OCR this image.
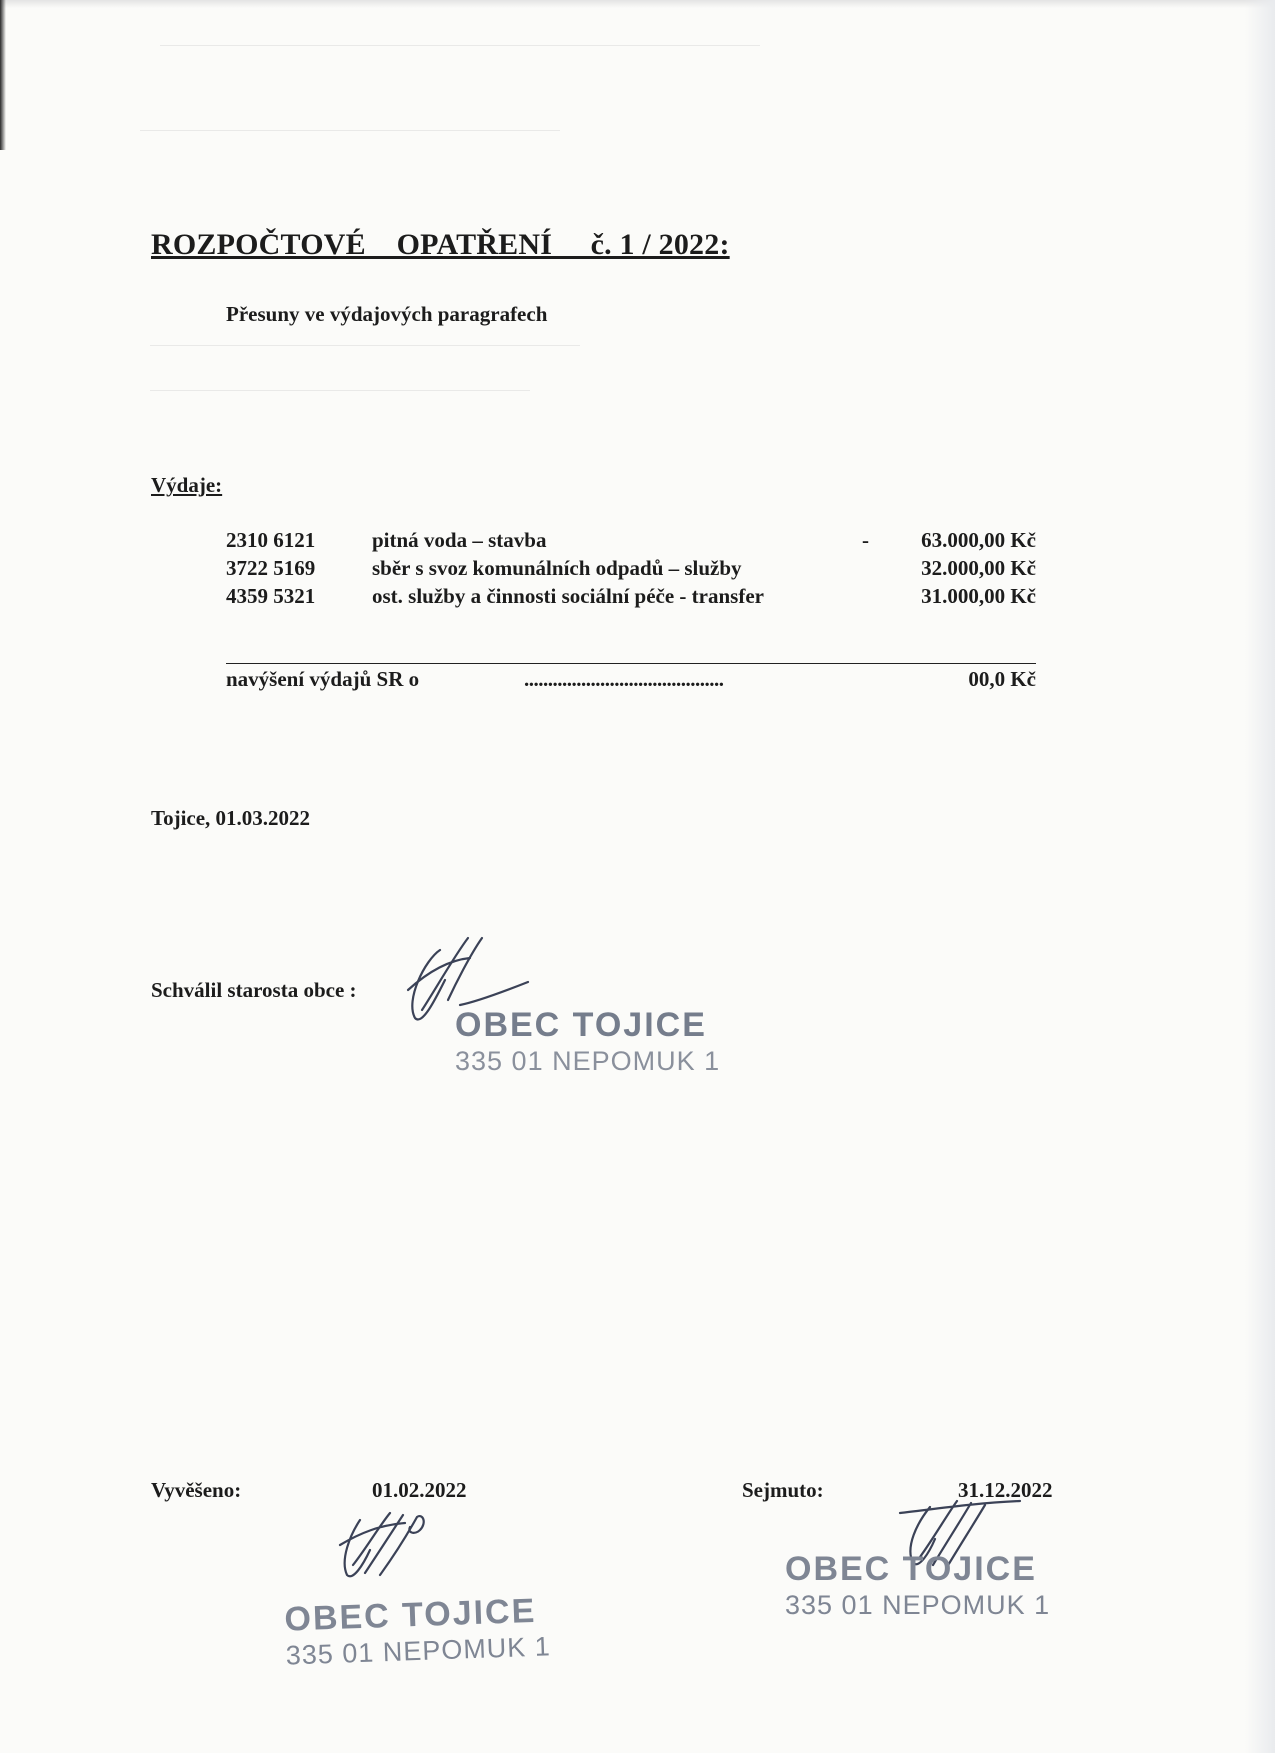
ROZPOČTOVÉ    OPATŘENÍ     č. 1 / 2022:
Přesuny ve výdajových paragrafech
Výdaje:
2310 6121	pitná voda – stavba	- 63.000,00 Kč
3722 5169	sběr s svoz komunálních odpadů – služby	32.000,00 Kč
4359 5321	ost. služby a činnosti sociální péče - transfer	31.000,00 Kč
navýšení výdajů SR o	..........................................	00,0 Kč
Tojice, 01.03.2022
Schválil starosta obce :
OBEC TOJICE
335 01 NEPOMUK 1
Vyvěšeno:	01.02.2022	Sejmuto:	31.12.2022
OBEC TOJICE
335 01 NEPOMUK 1
OBEC TOJICE
335 01 NEPOMUK 1
